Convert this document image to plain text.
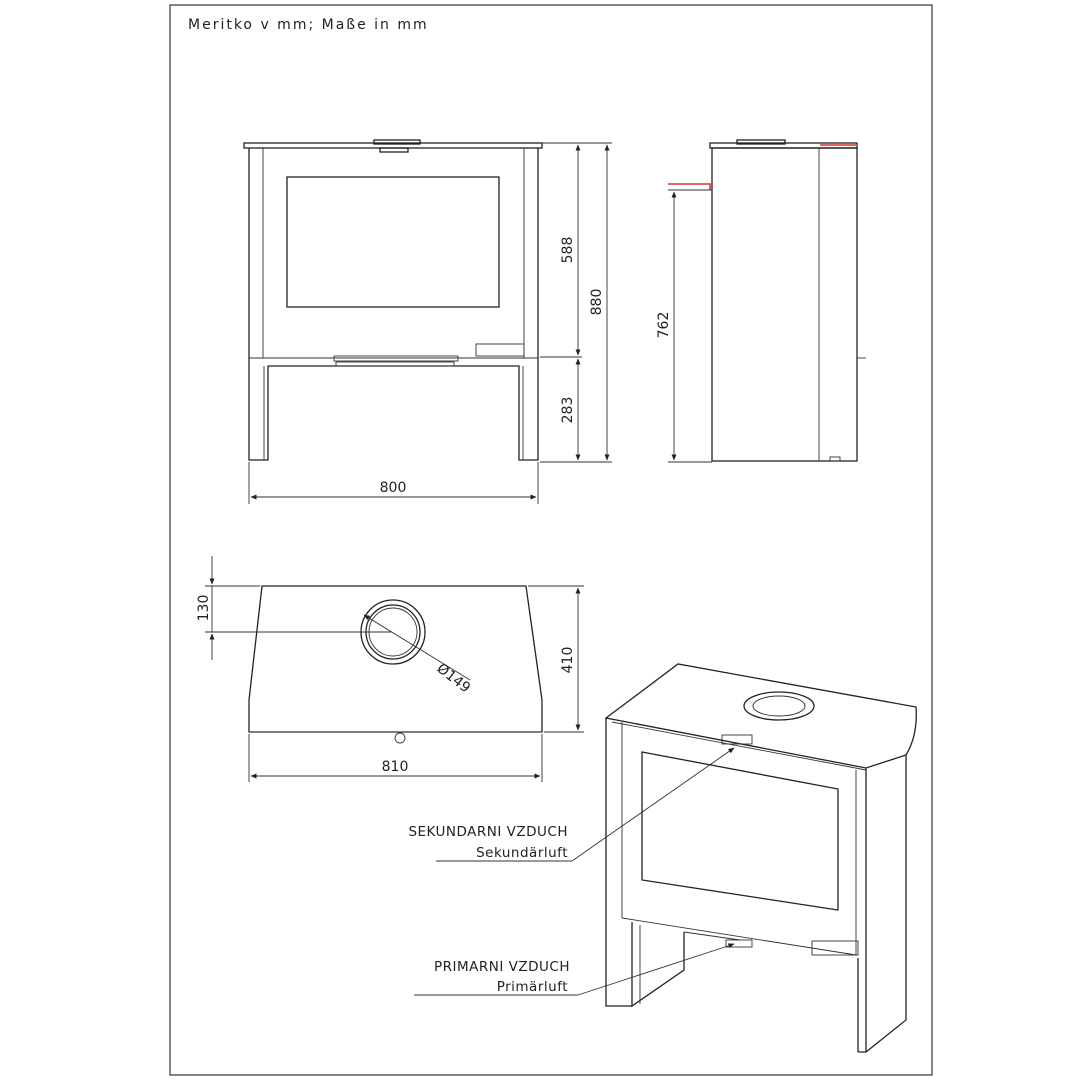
Meritko v mm; Maße in mm
800
588
283
880
762
Ø149
130
410
810
SEKUNDARNI VZDUCH
Sekundärluft
PRIMARNI VZDUCH
Primärluft
